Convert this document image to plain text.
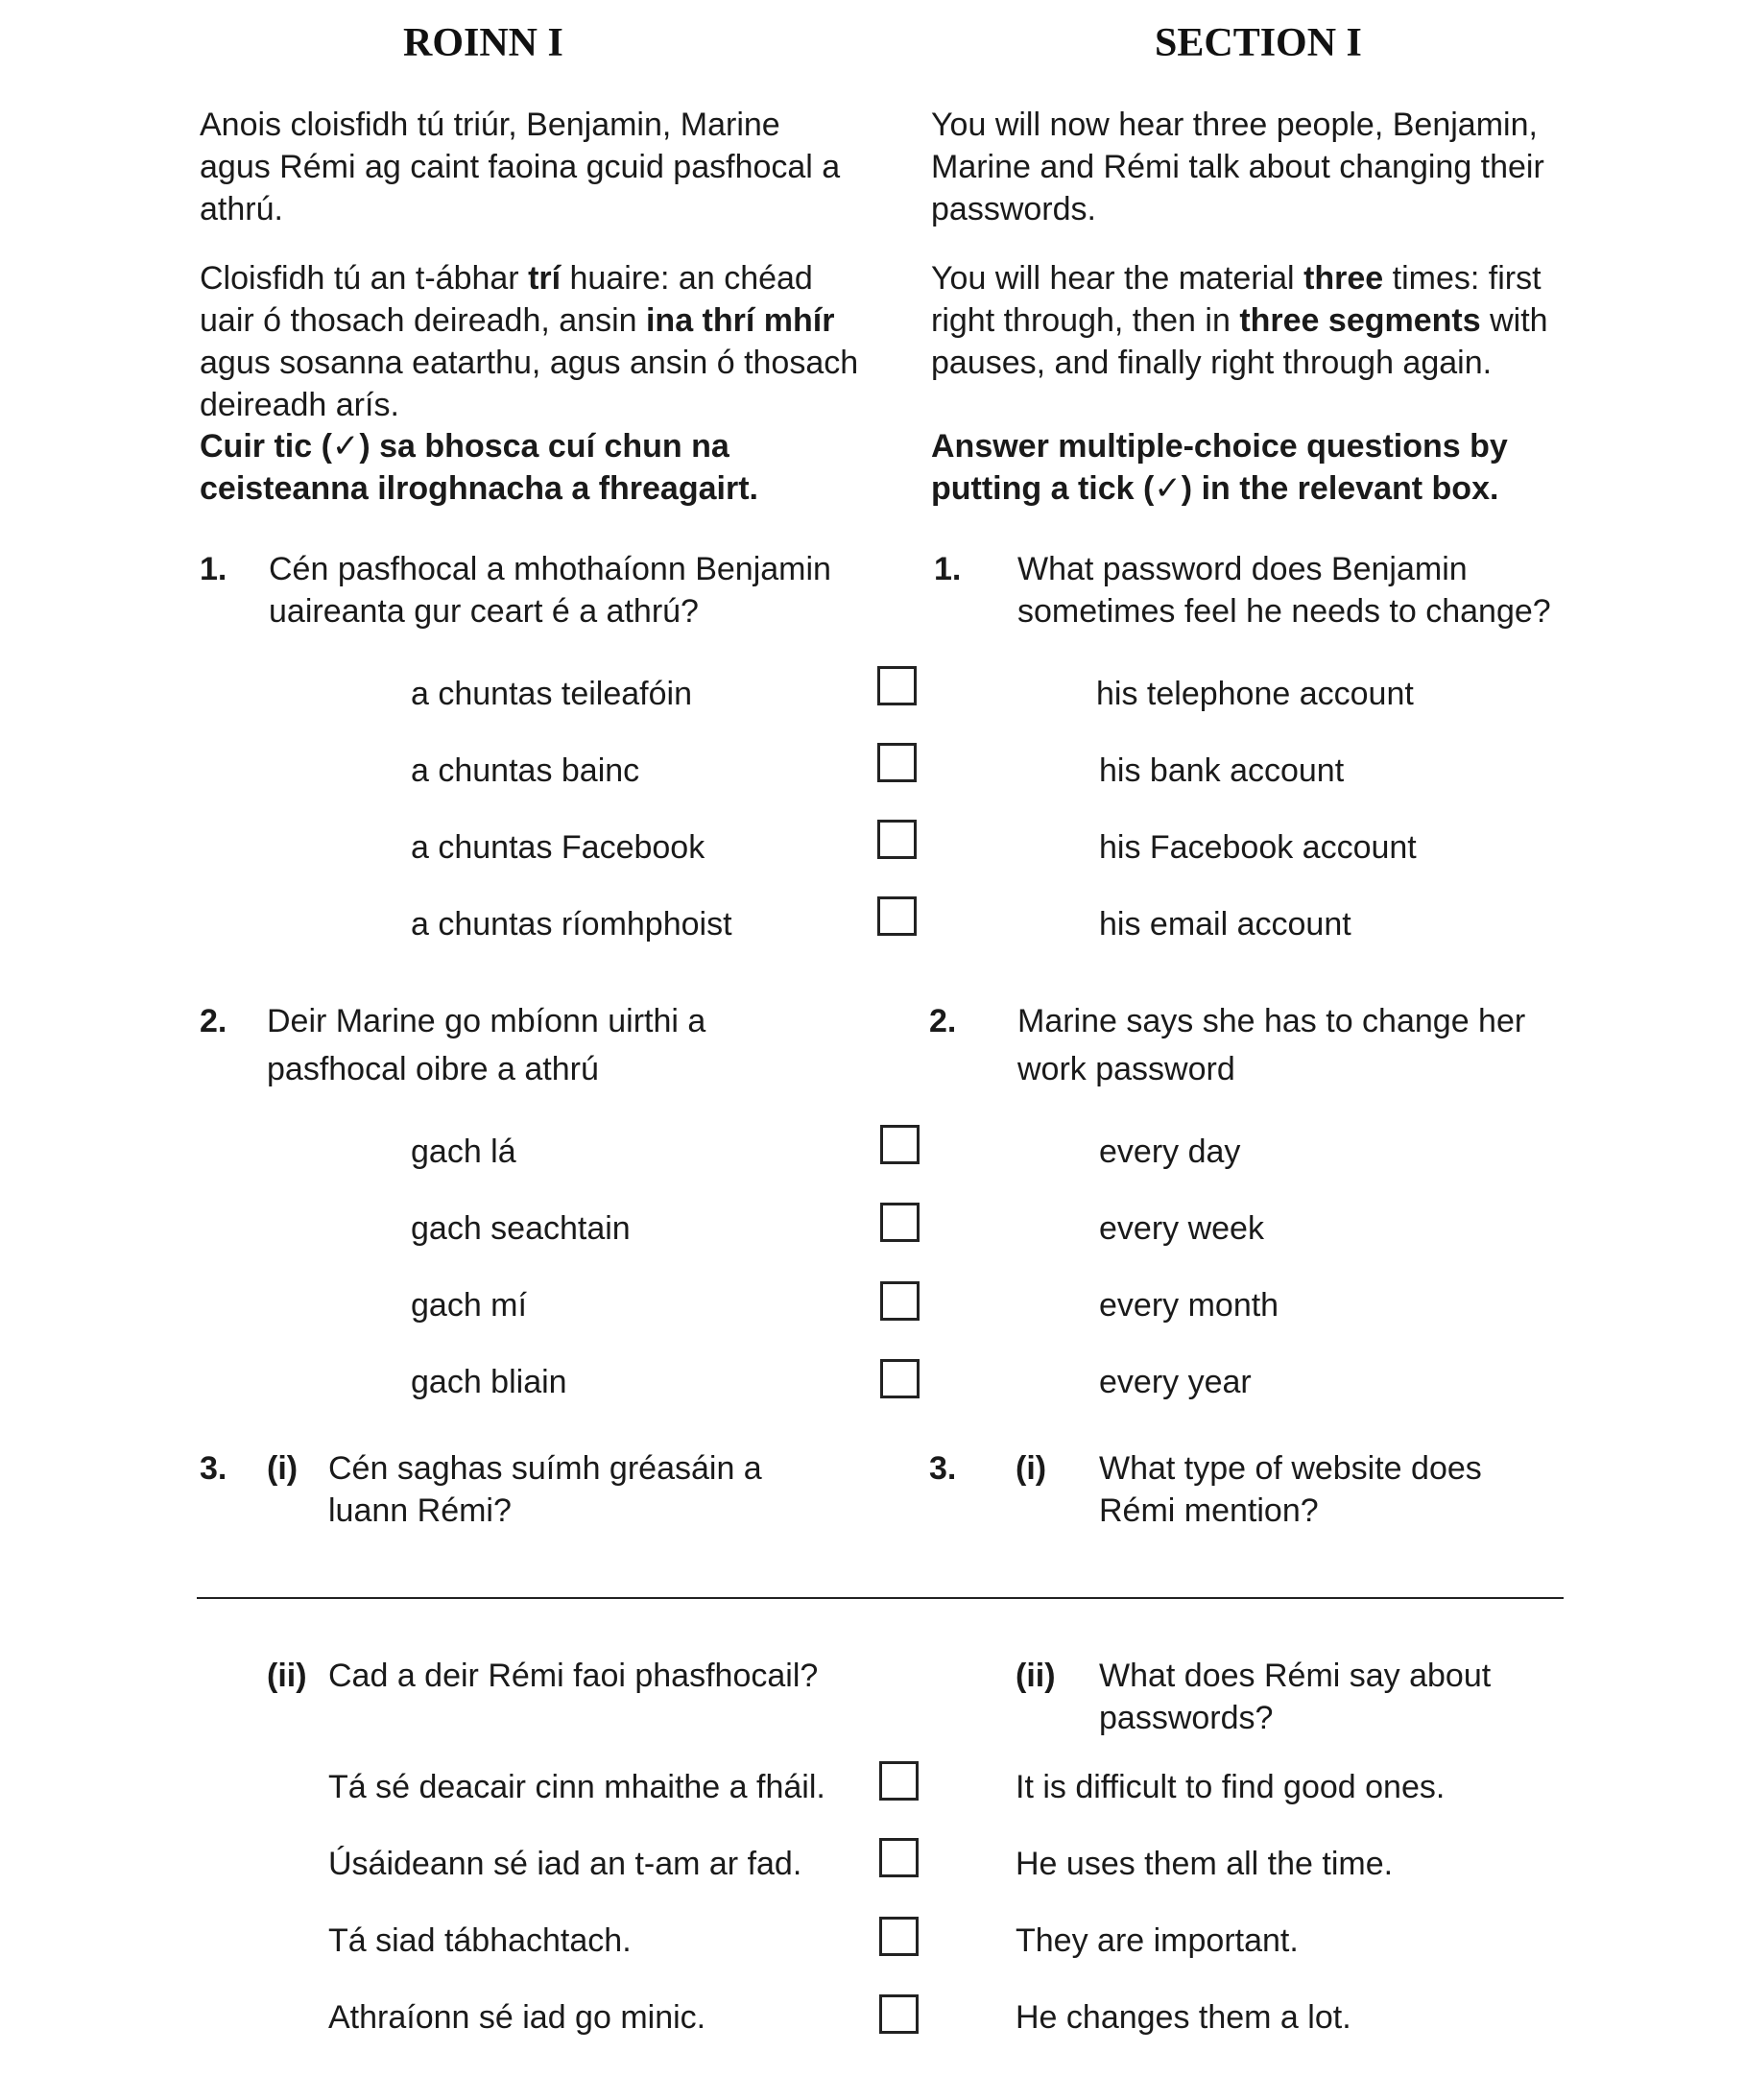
ROINN I	SECTION I
Anois cloisfidh tú triúr, Benjamin, Marine agus Rémi ag caint faoina gcuid pasfhocal a athrú.
You will now hear three people, Benjamin, Marine and Rémi talk about changing their passwords.
Cloisfidh tú an t-ábhar trí huaire: an chéad uair ó thosach deireadh, ansin ina thrí mhír agus sosanna eatarthu, agus ansin ó thosach deireadh arís.
Cuir tic (✓) sa bhosca cuí chun na ceisteanna ilroghnacha a fhreagairt.
You will hear the material three times: first right through, then in three segments with pauses, and finally right through again.
Answer multiple-choice questions by putting a tick (✓) in the relevant box.
1. Cén pasfhocal a mhothaíonn Benjamin
uaireanta gur ceart é a athrú?
1. What password does Benjamin
sometimes feel he needs to change?
a chuntas teileafóin	his telephone account
a chuntas bainc	his bank account
a chuntas Facebook	his Facebook account
a chuntas ríomhphoist	his email account
2. Deir Marine go mbíonn uirthi a
pasfhocal oibre a athrú
2. Marine says she has to change her
work password
gach lá	every day
gach seachtain	every week
gach mí	every month
gach bliain	every year
3. (i) Cén saghas suímh gréasáin a
luann Rémi?
3. (i) What type of website does
Rémi mention?
(ii) Cad a deir Rémi faoi phasfhocail?	(ii) What does Rémi say about
passwords?
Tá sé deacair cinn mhaithe a fháil.	It is difficult to find good ones.
Úsáideann sé iad an t-am ar fad.	He uses them all the time.
Tá siad tábhachtach.	They are important.
Athraíonn sé iad go minic.	He changes them a lot.
